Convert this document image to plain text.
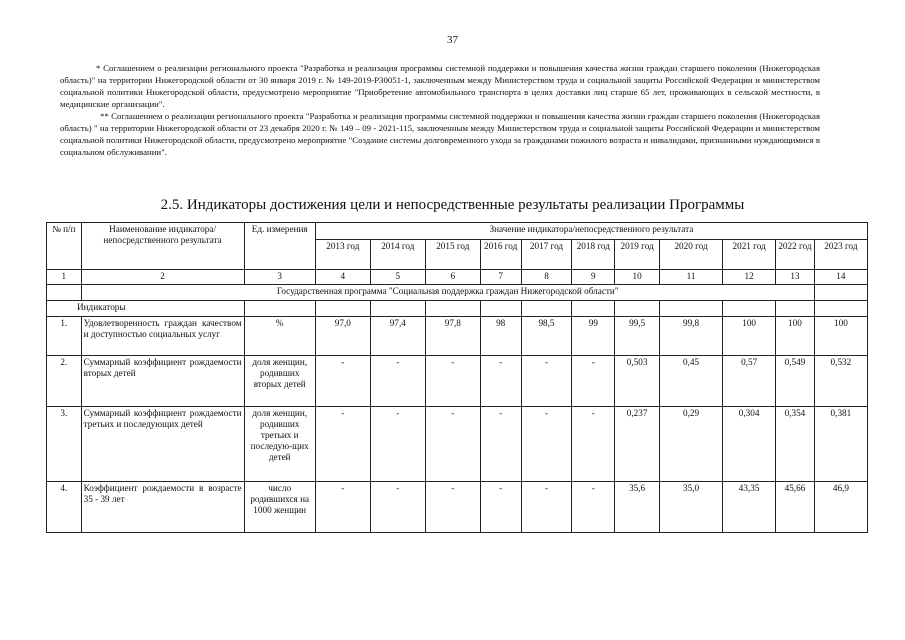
37

* Соглашением о реализации регионального проекта "Разработка и реализация программы системной поддержки и повышения качества жизни граждан старшего поколения (Нижегородская область)" на территории Нижегородской области от 30 января 2019 г. № 149-2019-Р30051-1, заключенным между Министерством труда и социальной защиты Российской Федерации и министерством социальной политики Нижегородской области, предусмотрено мероприятие "Приобретение автомобильного транспорта в целях доставки лиц старше 65 лет, проживающих в сельской местности, в медицинские организации".

** Соглашением о реализации регионального проекта "Разработка и реализация программы системной поддержки и повышения качества жизни граждан старшего поколения (Нижегородская область) " на территории Нижегородской области от 23 декабря 2020 г. № 149 – 09 - 2021-115, заключенным между Министерством труда и социальной защиты Российской Федерации и министерством социальной политики Нижегородской области, предусмотрено мероприятие "Создание системы долговременного ухода за гражданами пожилого возраста и инвалидами, признанными нуждающимися в социальном обслуживании".

2.5. Индикаторы достижения цели и непосредственные результаты реализации Программы
№ п/п	Наименование индикатора/непосредственного результата	Ед. измерения	Значение индикатора/непосредственного результата										
			2013 год	2014 год	2015 год	2016 год	2017 год	2018 год	2019 год	2020 год	2021 год	2022 год	2023 год
1	2	3	4	5	6	7	8	9	10	11	12	13	14
	Государственная программа "Социальная поддержка граждан Нижегородской области"												
Индикаторы													
1.	Удовлетворенность граждан качеством и доступностью социальных услуг	%	97,0	97,4	97,8	98	98,5	99	99,5	99,8	100	100	100
2.	Суммарный коэффициент рождаемости вторых детей	доля женщин, родивших вторых детей	-	-	-	-	-	-	0,503	0,45	0,57	0,549	0,532
3.	Суммарный коэффициент рождаемости третьих и последующих детей	доля женщин, родивших третьих и последую-щих детей	-	-	-	-	-	-	0,237	0,29	0,304	0,354	0,381
4.	Коэффициент рождаемости в возрасте 35 - 39 лет	число родившихся на 1000 женщин	-	-	-	-	-	-	35,6	35,0	43,35	45,66	46,9
